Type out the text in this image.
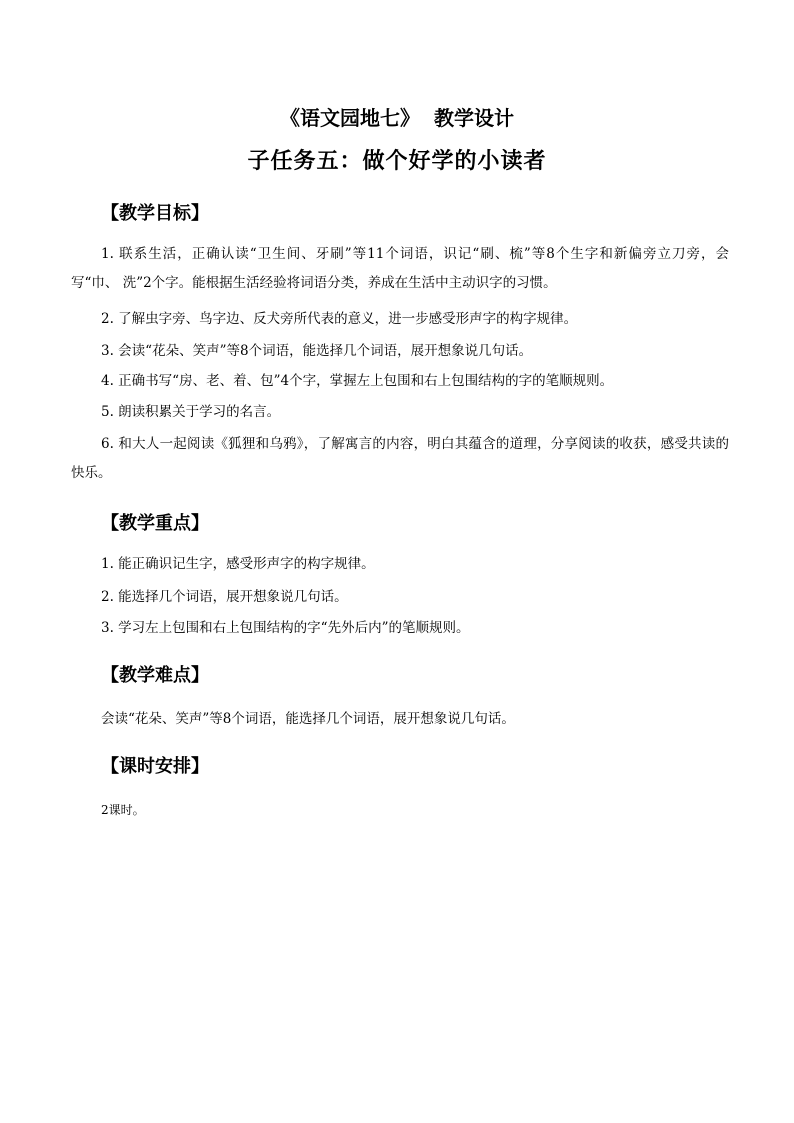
《语文园地七》  教学设计
子任务五：做个好学的小读者
【教学目标】
1. 联系生活，正确认读“卫生间、牙刷”等11个词语，识记“刷、梳”等8个生字和新偏旁立刀旁，会写“巾、 洗”2个字。能根据生活经验将词语分类，养成在生活中主动识字的习惯。
2. 了解虫字旁、鸟字边、反犬旁所代表的意义，进一步感受形声字的构字规律。
3. 会读“花朵、笑声”等8个词语，能选择几个词语，展开想象说几句话。
4. 正确书写“房、老、着、包”4个字，掌握左上包围和右上包围结构的字的笔顺规则。
5. 朗读积累关于学习的名言。
6. 和大人一起阅读《狐狸和乌鸦》，了解寓言的内容，明白其蕴含的道理，分享阅读的收获，感受共读的快乐。
【教学重点】
1. 能正确识记生字，感受形声字的构字规律。
2. 能选择几个词语，展开想象说几句话。
3. 学习左上包围和右上包围结构的字“先外后内”的笔顺规则。
【教学难点】
会读“花朵、笑声”等8个词语，能选择几个词语，展开想象说几句话。
【课时安排】
2课时。
